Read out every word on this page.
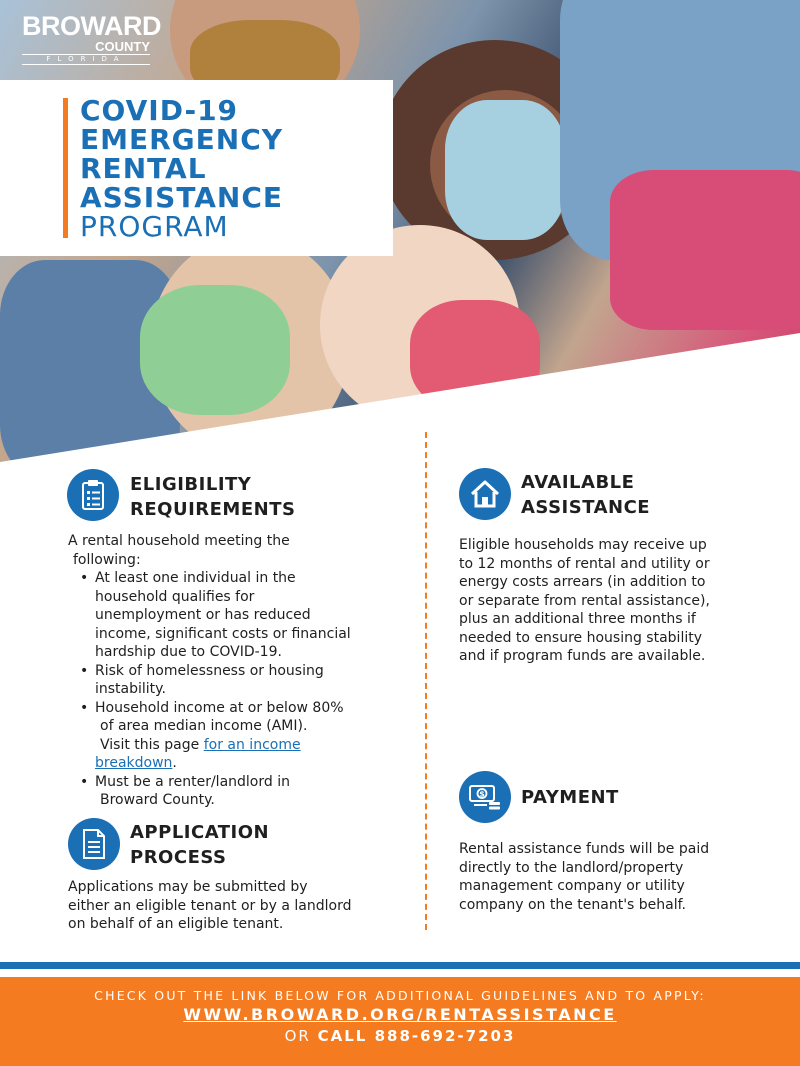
BROWARD
COUNTY
FLORIDA
COVID-19
EMERGENCY
RENTAL
ASSISTANCE
PROGRAM
ELIGIBILITY
REQUIREMENTS
A rental household meeting the
following:
• At least one individual in the
household qualifies for
unemployment or has reduced
income, significant costs or financial
hardship due to COVID-19.
• Risk of homelessness or housing
instability.
• Household income at or below 80%
of area median income (AMI).
Visit this page for an income
breakdown.
• Must be a renter/landlord in
Broward County.
APPLICATION
PROCESS
Applications may be submitted by
either an eligible tenant or by a landlord
on behalf of an eligible tenant.
AVAILABLE
ASSISTANCE
Eligible households may receive up
to 12 months of rental and utility or
energy costs arrears (in addition to
or separate from rental assistance),
plus an additional three months if
needed to ensure housing stability
and if program funds are available.
$ PAYMENT
Rental assistance funds will be paid
directly to the landlord/property
management company or utility
company on the tenant's behalf.
CHECK OUT THE LINK BELOW FOR ADDITIONAL GUIDELINES AND TO APPLY:
WWW.BROWARD.ORG/RENTASSISTANCE
OR CALL 888-692-7203
